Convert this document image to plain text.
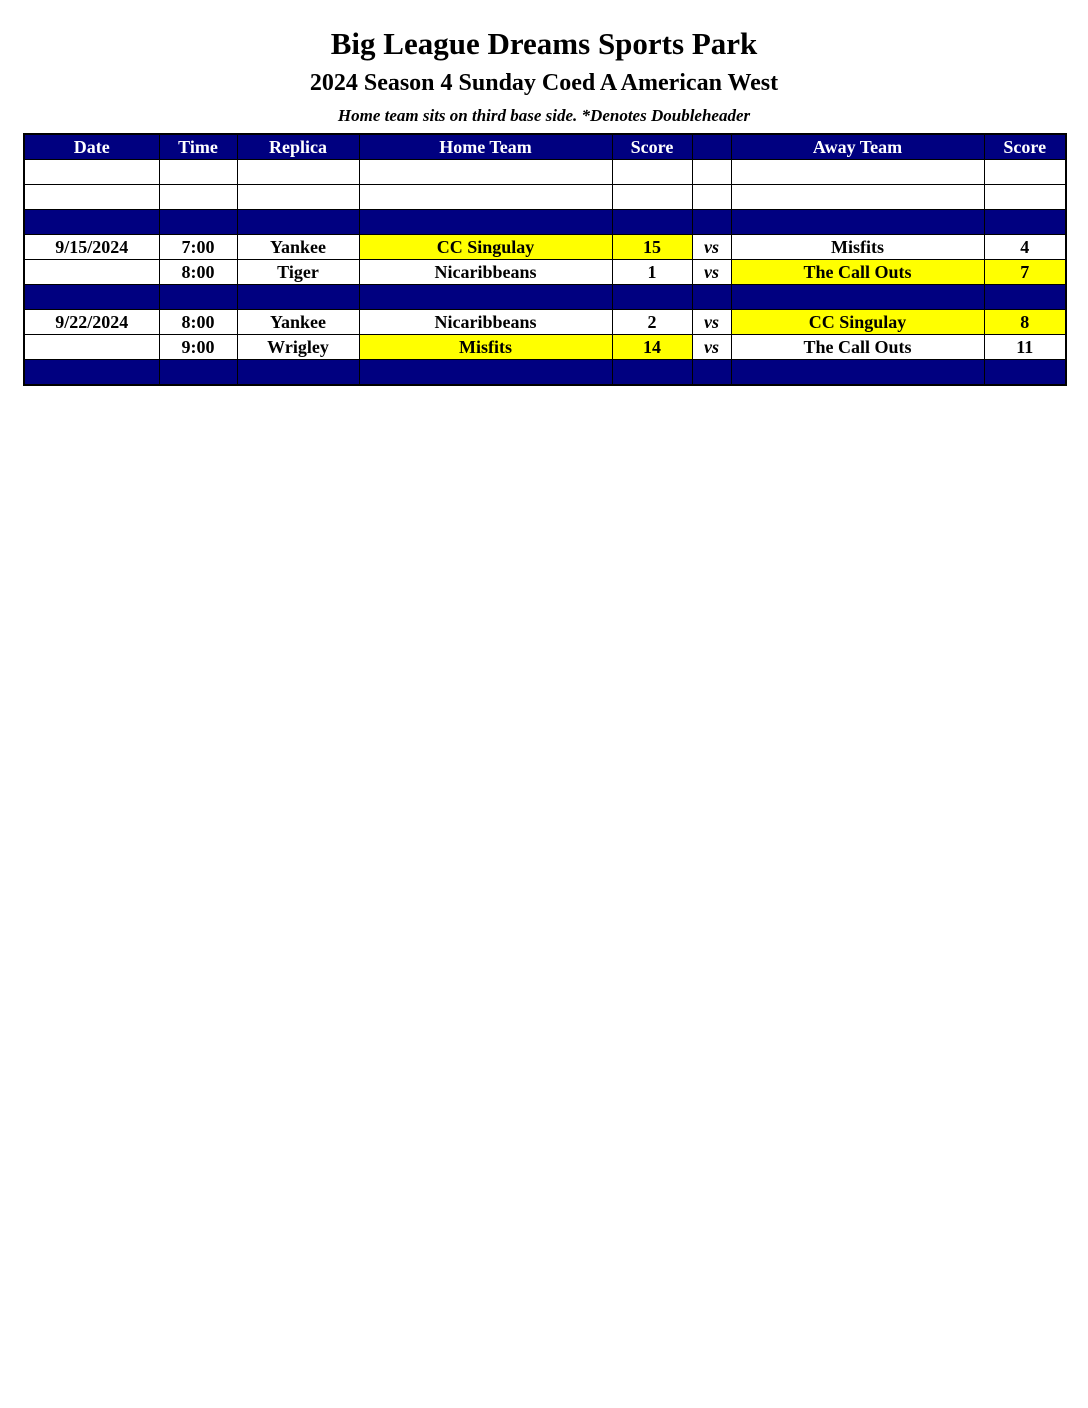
Big League Dreams Sports Park
2024 Season 4 Sunday Coed A American West
Home team sits on third base side. *Denotes Doubleheader
Date	Time	Replica	Home Team	Score		Away Team	Score

9/15/2024	7:00	Yankee	CC Singulay	15	vs	Misfits	4
	8:00	Tiger	Nicaribbeans	1	vs	The Call Outs	7

9/22/2024	8:00	Yankee	Nicaribbeans	2	vs	CC Singulay	8
	9:00	Wrigley	Misfits	14	vs	The Call Outs	11
